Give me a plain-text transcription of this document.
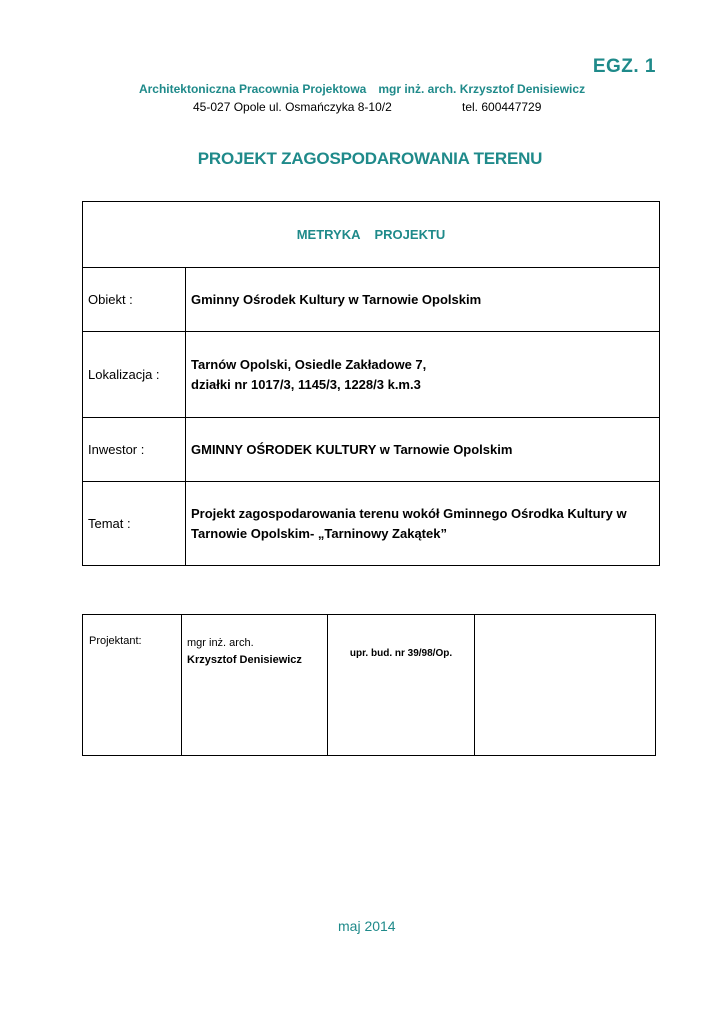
EGZ. 1
Architektoniczna Pracownia Projektowa mgr inż. arch. Krzysztof Denisiewicz
45-027 Opole ul. Osmańczyka 8-10/2	tel. 600447729
PROJEKT ZAGOSPODAROWANIA TERENU
METRYKA PROJEKTU	
Obiekt :	Gminny Ośrodek Kultury w Tarnowie Opolskim

Lokalizacja :	Tarnów Opolski, Osiedle Zakładowe 7,
działki nr 1017/3, 1145/3, 1228/3 k.m.3

Inwestor :	GMINNY OŚRODEK KULTURY w Tarnowie Opolskim

Temat :	Projekt zagospodarowania terenu wokół Gminnego Ośrodka Kultury w
Tarnowie Opolskim- „Tarninowy Zakątek”
Projektant:	mgr inż. arch.
Krzysztof Denisiewicz
	upr. bud. nr 39/98/Op.	
maj 2014
